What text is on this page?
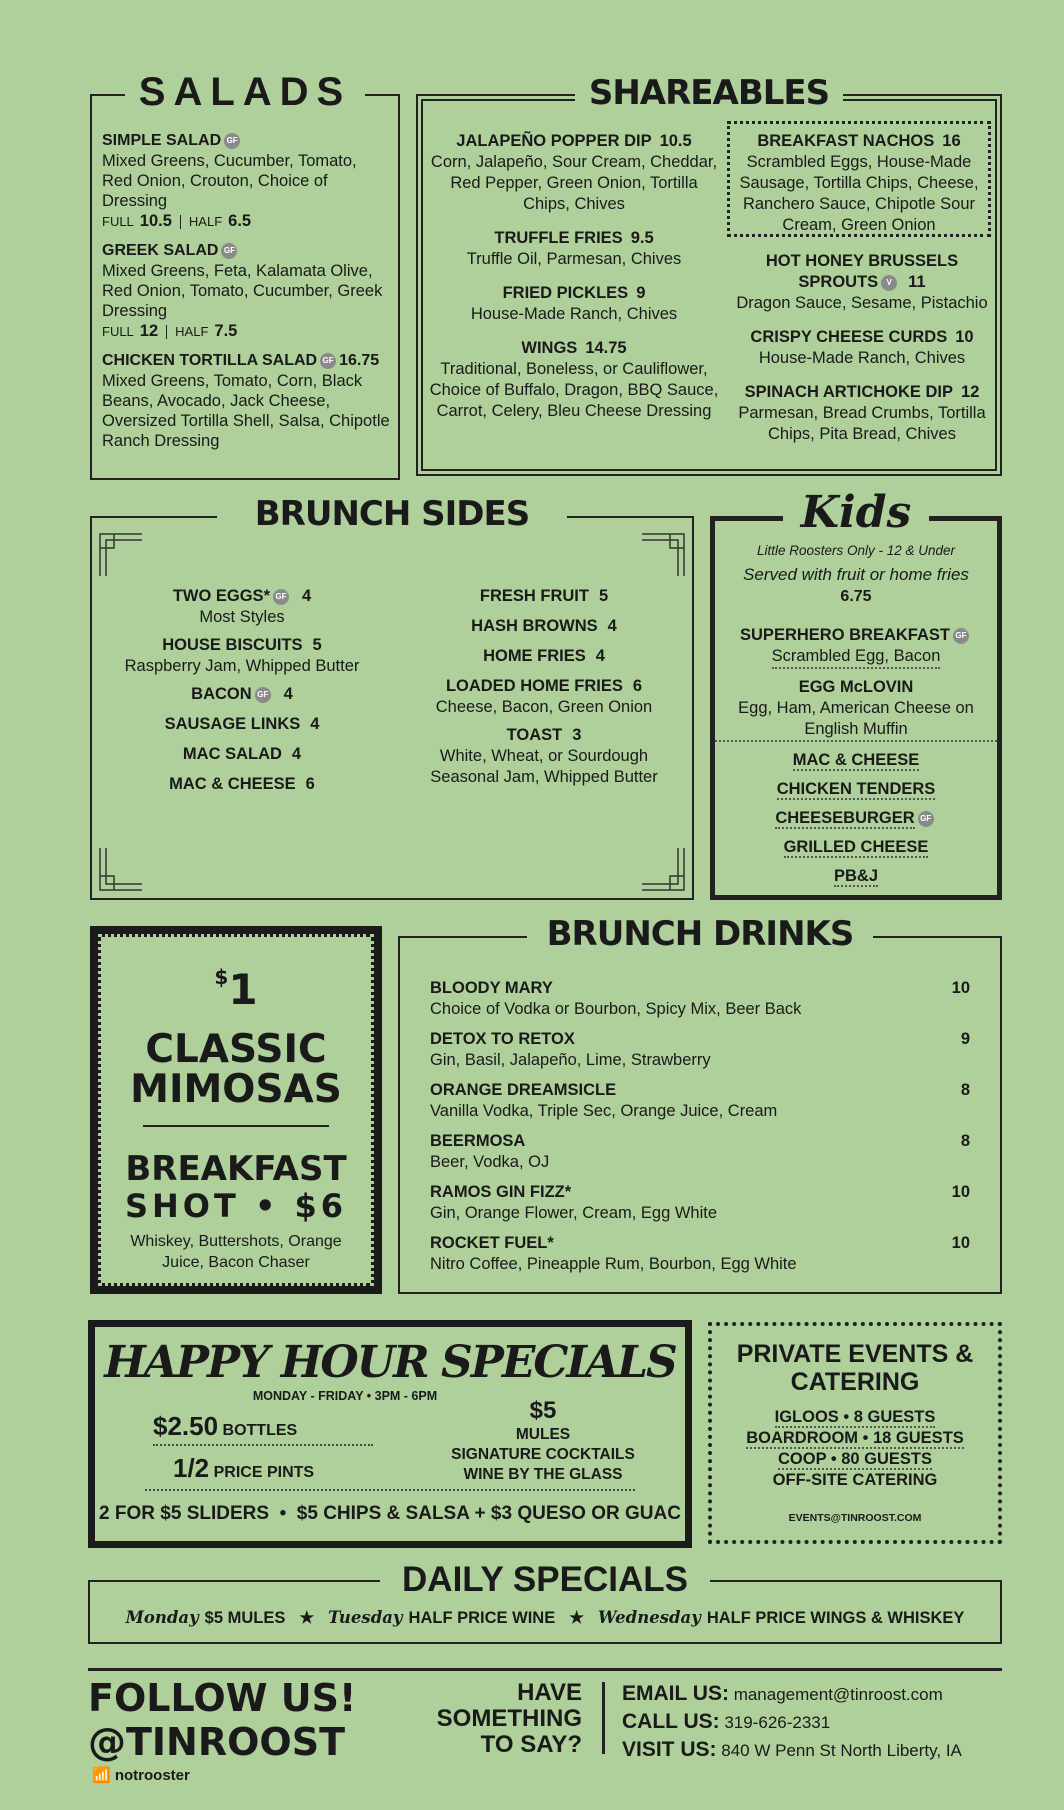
SALADS
SIMPLE SALAD GF
Mixed Greens, Cucumber, Tomato, Red Onion, Crouton, Choice of Dressing
FULL 10.5 HALF 6.5
GREEK SALAD GF
Mixed Greens, Feta, Kalamata Olive, Red Onion, Tomato, Cucumber, Greek Dressing
FULL 12 HALF 7.5
CHICKEN TORTILLA SALAD GF 16.75
Mixed Greens, Tomato, Corn, Black Beans, Avocado, Jack Cheese, Oversized Tortilla Shell, Salsa, Chipotle Ranch Dressing
SHAREABLES
JALAPEÑO POPPER DIP 10.5
Corn, Jalapeño, Sour Cream, Cheddar, Red Pepper, Green Onion, Tortilla Chips, Chives
TRUFFLE FRIES 9.5
Truffle Oil, Parmesan, Chives
FRIED PICKLES 9
House-Made Ranch, Chives
WINGS 14.75
Traditional, Boneless, or Cauliflower, Choice of Buffalo, Dragon, BBQ Sauce, Carrot, Celery, Bleu Cheese Dressing
BREAKFAST NACHOS 16
Scrambled Eggs, House-Made Sausage, Tortilla Chips, Cheese, Ranchero Sauce, Chipotle Sour Cream, Green Onion
HOT HONEY BRUSSELS SPROUTS V 11
Dragon Sauce, Sesame, Pistachio
CRISPY CHEESE CURDS 10
House-Made Ranch, Chives
SPINACH ARTICHOKE DIP 12
Parmesan, Bread Crumbs, Tortilla Chips, Pita Bread, Chives
BRUNCH SIDES
TWO EGGS* GF 4
Most Styles
HOUSE BISCUITS 5
Raspberry Jam, Whipped Butter
BACON GF 4
SAUSAGE LINKS 4
MAC SALAD 4
MAC & CHEESE 6
FRESH FRUIT 5
HASH BROWNS 4
HOME FRIES 4
LOADED HOME FRIES 6
Cheese, Bacon, Green Onion
TOAST 3
White, Wheat, or Sourdough Seasonal Jam, Whipped Butter
Kids
Little Roosters Only - 12 & Under
Served with fruit or home fries
6.75
SUPERHERO BREAKFAST GF
Scrambled Egg, Bacon
EGG McLOVIN
Egg, Ham, American Cheese on English Muffin
MAC & CHEESE
CHICKEN TENDERS
CHEESEBURGER GF
GRILLED CHEESE
PB&J
$1
CLASSIC
MIMOSAS
BREAKFAST
SHOT • $6
Whiskey, Buttershots, Orange Juice, Bacon Chaser
BRUNCH DRINKS
BLOODY MARY	10
Choice of Vodka or Bourbon, Spicy Mix, Beer Back
DETOX TO RETOX	9
Gin, Basil, Jalapeño, Lime, Strawberry
ORANGE DREAMSICLE	8
Vanilla Vodka, Triple Sec, Orange Juice, Cream
BEERMOSA	8
Beer, Vodka, OJ
RAMOS GIN FIZZ*	10
Gin, Orange Flower, Cream, Egg White
ROCKET FUEL*	10
Nitro Coffee, Pineapple Rum, Bourbon, Egg White
HAPPY HOUR SPECIALS
MONDAY - FRIDAY • 3PM - 6PM
$2.50 BOTTLES
1/2 PRICE PINTS
$5
MULES
SIGNATURE COCKTAILS
WINE BY THE GLASS
2 FOR $5 SLIDERS  •  $5 CHIPS & SALSA + $3 QUESO OR GUAC
PRIVATE EVENTS & CATERING
IGLOOS • 8 GUESTS
BOARDROOM • 18 GUESTS
COOP • 80 GUESTS
OFF-SITE CATERING
EVENTS@TINROOST.COM
DAILY SPECIALS
Monday $5 MULES ★ Tuesday HALF PRICE WINE ★ Wednesday HALF PRICE WINGS & WHISKEY
FOLLOW US!
@TINROOST
📶 notrooster
HAVE
SOMETHING
TO SAY?
EMAIL US: management@tinroost.com
CALL US: 319-626-2331
VISIT US: 840 W Penn St North Liberty, IA
